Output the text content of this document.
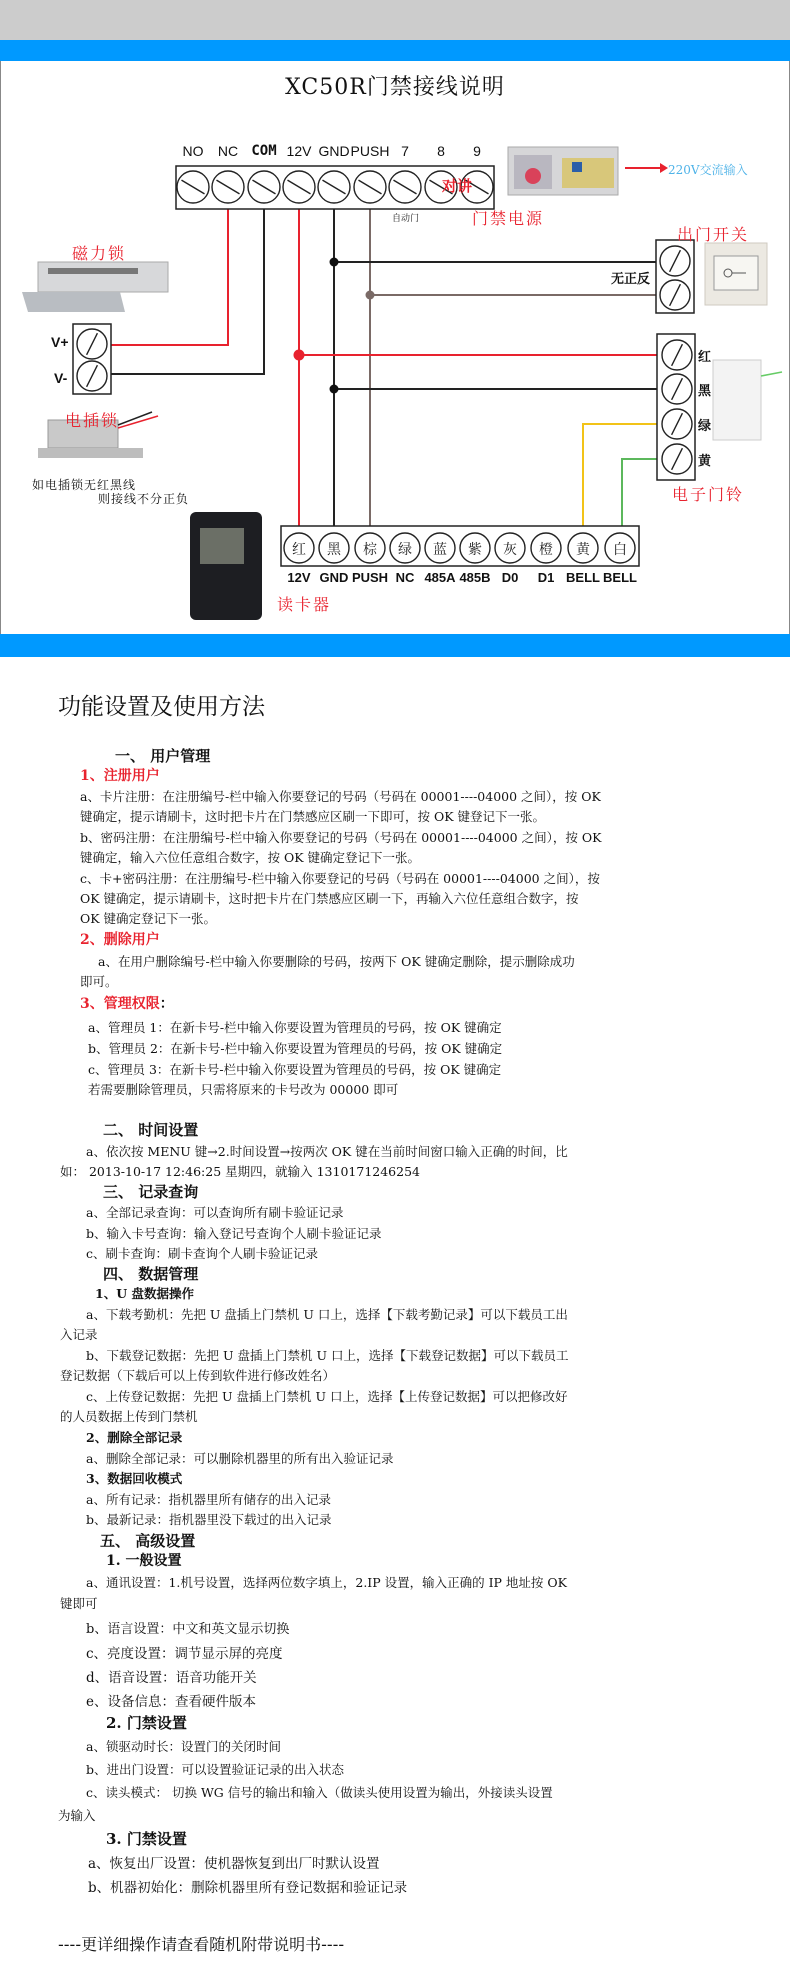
XC50R门禁接线说明
NO	NC COM 12V GND PUSH 7	8	9
自动门
对讲
门禁电源
220V交流输入
出门开关
无正反
磁力锁
V+
V-
电插锁
如电插锁无红黑线
则接线不分正负	电子门铃
红
黑
绿
黄
读卡器
红
12V
黑
GND
棕
PUSH
绿
NC
蓝
485A
紫
485B
灰
D0
橙
D1
黄
BELL
白
BELL
功能设置及使用方法
一、 用户管理
1、注册用户
a、卡片注册：在注册编号-栏中输入你要登记的号码（号码在 00001----04000 之间），按 OK
键确定，提示请刷卡，这时把卡片在门禁感应区刷一下即可，按 OK 键登记下一张。
b、密码注册：在注册编号-栏中输入你要登记的号码（号码在 00001----04000 之间），按 OK
键确定，输入六位任意组合数字，按 OK 键确定登记下一张。
c、卡+密码注册：在注册编号-栏中输入你要登记的号码（号码在 00001----04000 之间），按
OK 键确定，提示请刷卡，这时把卡片在门禁感应区刷一下，再输入六位任意组合数字，按
OK 键确定登记下一张。
2、删除用户
a、在用户删除编号-栏中输入你要删除的号码，按两下 OK 键确定删除，提示删除成功
即可。
3、管理权限：
a、管理员 1：在新卡号-栏中输入你要设置为管理员的号码，按 OK 键确定
b、管理员 2：在新卡号-栏中输入你要设置为管理员的号码，按 OK 键确定
c、管理员 3：在新卡号-栏中输入你要设置为管理员的号码，按 OK 键确定
若需要删除管理员，只需将原来的卡号改为 00000 即可
二、 时间设置
a、依次按 MENU 键→2.时间设置→按两次 OK 键在当前时间窗口输入正确的时间，比
如： 2013-10-17 12:46:25 星期四，就输入 1310171246254
三、 记录查询
a、全部记录查询：可以查询所有刷卡验证记录
b、输入卡号查询：输入登记号查询个人刷卡验证记录
c、刷卡查询：刷卡查询个人刷卡验证记录
四、 数据管理
1、U 盘数据操作
a、下载考勤机：先把 U 盘插上门禁机 U 口上，选择【下载考勤记录】可以下载员工出
入记录
b、下载登记数据：先把 U 盘插上门禁机 U 口上，选择【下载登记数据】可以下载员工
登记数据（下载后可以上传到软件进行修改姓名）
c、上传登记数据：先把 U 盘插上门禁机 U 口上，选择【上传登记数据】可以把修改好
的人员数据上传到门禁机
2、删除全部记录
a、删除全部记录：可以删除机器里的所有出入验证记录
3、数据回收模式
a、所有记录：指机器里所有储存的出入记录
b、最新记录：指机器里没下载过的出入记录
五、 高级设置
1. 一般设置
a、通讯设置：1.机号设置，选择两位数字填上，2.IP 设置，输入正确的 IP 地址按 OK
键即可
b、语言设置：中文和英文显示切换
c、亮度设置：调节显示屏的亮度
d、语音设置：语音功能开关
e、设备信息：查看硬件版本
2. 门禁设置
a、锁驱动时长：设置门的关闭时间
b、进出门设置：可以设置验证记录的出入状态
c、读头模式： 切换 WG 信号的输出和输入（做读头使用设置为输出，外接读头设置
为输入
3. 门禁设置
a、恢复出厂设置：使机器恢复到出厂时默认设置
b、机器初始化：删除机器里所有登记数据和验证记录
----更详细操作请查看随机附带说明书----
